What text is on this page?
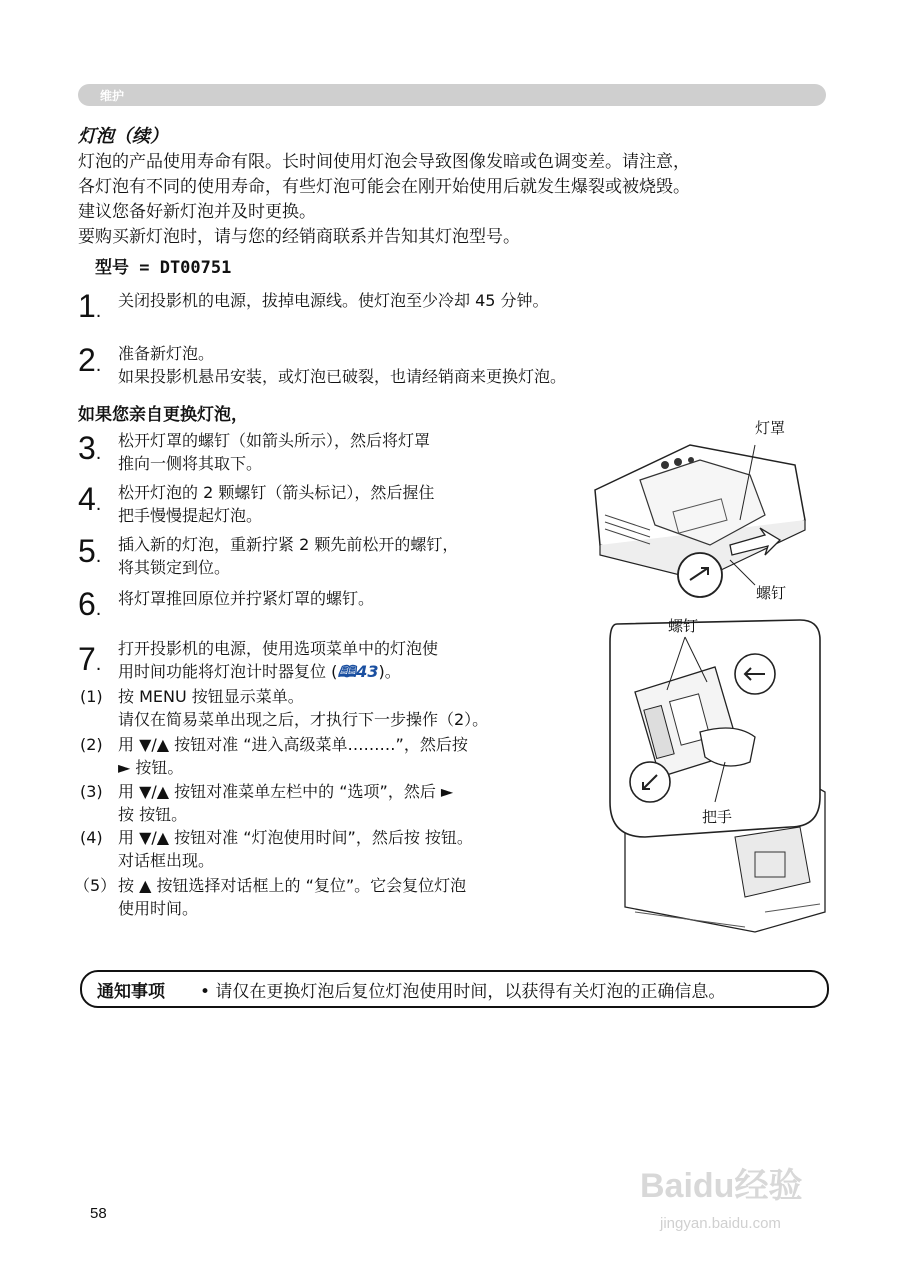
维护
灯泡（续）
灯泡的产品使用寿命有限。长时间使用灯泡会导致图像发暗或色调变差。请注意，
各灯泡有不同的使用寿命，有些灯泡可能会在刚开始使用后就发生爆裂或被烧毁。
建议您备好新灯泡并及时更换。
要购买新灯泡时，请与您的经销商联系并告知其灯泡型号。
型号 = DT00751
1. 关闭投影机的电源，拔掉电源线。使灯泡至少冷却 45 分钟。
2.
准备新灯泡。
如果投影机悬吊安装，或灯泡已破裂，也请经销商来更换灯泡。
如果您亲自更换灯泡，
3.
松开灯罩的螺钉（如箭头所示），然后将灯罩
推向一侧将其取下。
4.
松开灯泡的 2 颗螺钉（箭头标记），然后握住
把手慢慢提起灯泡。
5.
插入新的灯泡，重新拧紧 2 颗先前松开的螺钉，
将其锁定到位。
6. 将灯罩推回原位并拧紧灯罩的螺钉。
7.
打开投影机的电源，使用选项菜单中的灯泡使
用时间功能将灯泡计时器复位 (🕮43)。
(1) 按 MENU 按钮显示菜单。
请仅在简易菜单出现之后，才执行下一步操作（2）。
(2) 用 ▼/▲ 按钮对准 “进入高级菜单………”，然后按
► 按钮。
(3) 用 ▼/▲ 按钮对准菜单左栏中的 “选项”，然后 ►
按 按钮。
(4) 用 ▼/▲ 按钮对准 “灯泡使用时间”，然后按 按钮。
对话框出现。
（5） 按 ▲ 按钮选择对话框上的 “复位”。它会复位灯泡
使用时间。
灯罩
螺钉
螺钉
把手
通知事项 • 请仅在更换灯泡后复位灯泡使用时间，以获得有关灯泡的正确信息。
58
Baidu经验
jingyan.baidu.com
